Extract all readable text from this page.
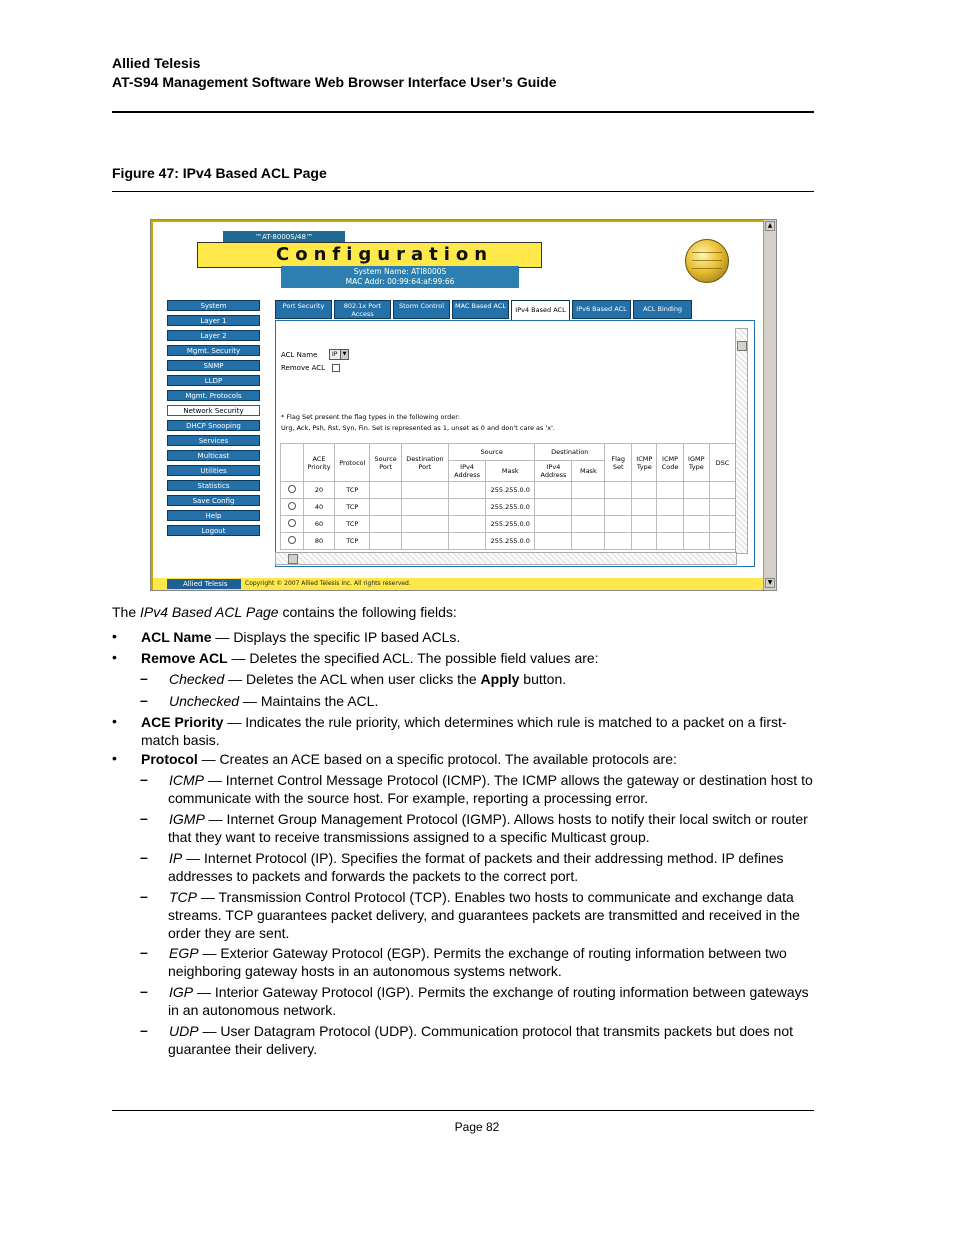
Allied Telesis
AT-S94 Management Software Web Browser Interface User’s Guide
Figure 47: IPv4 Based ACL Page
™AT-8000S/48™
Configuration
System Name: ATI8000S
MAC Addr: 00:99:64:af:99:66
System
Layer 1
Layer 2
Mgmt. Security
SNMP
LLDP
Mgmt. Protocols
Network Security
DHCP Snooping
Services
Multicast
Utilities
Statistics
Save Config
Help
Logout
Port Security	802.1x Port Access
Storm Control	MAC Based ACL	IPv4 Based ACL	IPv6 Based ACL	ACL Binding
ACL Name	IP	▼
Remove ACL
* Flag Set present the flag types in the following order:
Urg, Ack, Psh, Rst, Syn, Fin. Set is represented as 1, unset as 0 and don't care as 'x'.
	ACE Priority	Protocol	Source Port	Destination Port	Source		Destination		Flag Set	ICMP Type	ICMP Code	IGMP Type	DSC	
					IPv4 Address	Mask	IPv4 Address	Mask						
	20	TCP				255.255.0.0								
	40	TCP				255.255.0.0								
	60	TCP				255.255.0.0								
	80	TCP				255.255.0.0								
Allied Telesis	Copyright © 2007 Allied Telesis Inc. All rights reserved.
▲
▼
The IPv4 Based ACL Page contains the following fields:
• ACL Name — Displays the specific IP based ACLs.
• Remove ACL — Deletes the specified ACL. The possible field values are:
– Checked — Deletes the ACL when user clicks the Apply button.
– Unchecked — Maintains the ACL.
• ACE Priority — Indicates the rule priority, which determines which rule is matched to a packet on a first-
match basis.
• Protocol — Creates an ACE based on a specific protocol. The available protocols are:
– ICMP — Internet Control Message Protocol (ICMP). The ICMP allows the gateway or destination host to
communicate with the source host. For example, reporting a processing error.
– IGMP — Internet Group Management Protocol (IGMP). Allows hosts to notify their local switch or router
that they want to receive transmissions assigned to a specific Multicast group.
– IP — Internet Protocol (IP). Specifies the format of packets and their addressing method. IP defines
addresses to packets and forwards the packets to the correct port.
– TCP — Transmission Control Protocol (TCP). Enables two hosts to communicate and exchange data
streams. TCP guarantees packet delivery, and guarantees packets are transmitted and received in the
order they are sent.
– EGP — Exterior Gateway Protocol (EGP). Permits the exchange of routing information between two
neighboring gateway hosts in an autonomous systems network.
– IGP — Interior Gateway Protocol (IGP). Permits the exchange of routing information between gateways
in an autonomous network.
– UDP — User Datagram Protocol (UDP). Communication protocol that transmits packets but does not
guarantee their delivery.
Page 82
